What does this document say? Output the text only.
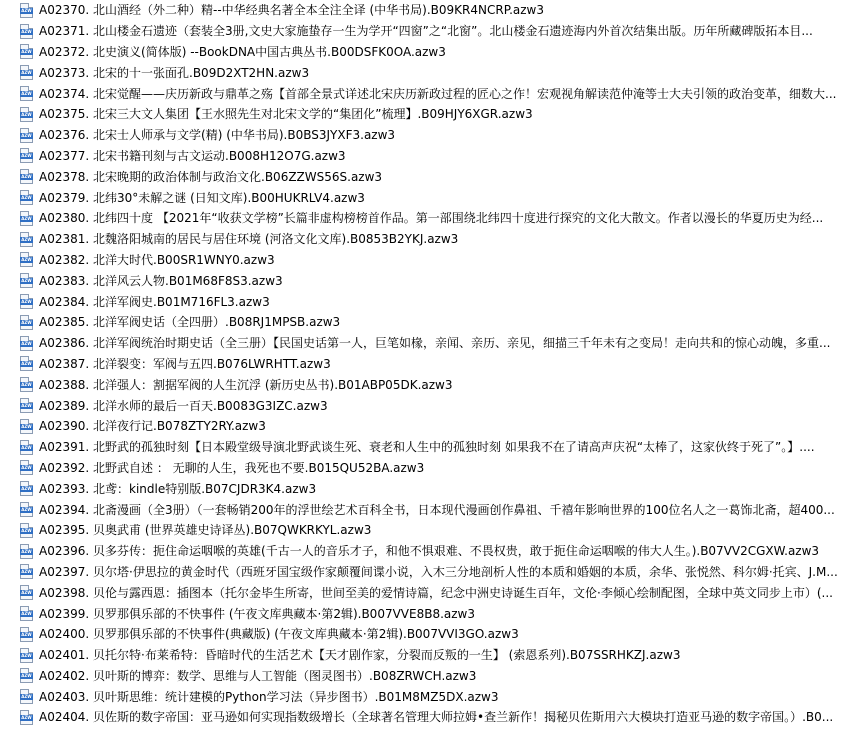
AZW A02370. 北山酒经（外二种）精--中华经典名著全本全注全译 (中华书局).B09KR4NCRP.azw3
AZW A02371. 北山楼金石遗迹（套装全3册,文史大家施蛰存一生为学开“四窗”之“北窗”。北山楼金石遗迹海内外首次结集出版。历年所藏碑版拓本目...
AZW A02372. 北史演义(简体版) --BookDNA中国古典丛书.B00DSFK0OA.azw3
AZW A02373. 北宋的十一张面孔.B09D2XT2HN.azw3
AZW A02374. 北宋觉醒——庆历新政与鼎革之殇【首部全景式详述北宋庆历新政过程的匠心之作！宏观视角解读范仲淹等士大夫引领的政治变革，细数大...
AZW A02375. 北宋三大文人集团【王水照先生对北宋文学的“集团化”梳理】.B09HJY6XGR.azw3
AZW A02376. 北宋士人师承与文学(精) (中华书局).B0BS3JYXF3.azw3
AZW A02377. 北宋书籍刊刻与古文运动.B008H12O7G.azw3
AZW A02378. 北宋晚期的政治体制与政治文化.B06ZZWS56S.azw3
AZW A02379. 北纬30°未解之谜 (日知文库).B00HUKRLV4.azw3
AZW A02380. 北纬四十度 【2021年“收获文学榜”长篇非虚构榜榜首作品。第一部围绕北纬四十度进行探究的文化大散文。作者以漫长的华夏历史为经...
AZW A02381. 北魏洛阳城南的居民与居住环境 (河洛文化文库).B0853B2YKJ.azw3
AZW A02382. 北洋大时代.B00SR1WNY0.azw3
AZW A02383. 北洋风云人物.B01M68F8S3.azw3
AZW A02384. 北洋军阀史.B01M716FL3.azw3
AZW A02385. 北洋军阀史话（全四册）.B08RJ1MPSB.azw3
AZW A02386. 北洋军阀统治时期史话（全三册）【民国史话第一人，巨笔如椽，亲闻、亲历、亲见，细描三千年未有之变局！走向共和的惊心动魄，多重...
AZW A02387. 北洋裂变：军阀与五四.B076LWRHTT.azw3
AZW A02388. 北洋强人：割据军阀的人生沉浮 (新历史丛书).B01ABP05DK.azw3
AZW A02389. 北洋水师的最后一百天.B0083G3IZC.azw3
AZW A02390. 北洋夜行记.B078ZTY2RY.azw3
AZW A02391. 北野武的孤独时刻【日本殿堂级导演北野武谈生死、衰老和人生中的孤独时刻 如果我不在了请高声庆祝“太棒了，这家伙终于死了”。】....
AZW A02392. 北野武自述 ： 无聊的人生，我死也不要.B015QU52BA.azw3
AZW A02393. 北鸢：kindle特别版.B07CJDR3K4.azw3
AZW A02394. 北斋漫画（全3册）（一套畅销200年的浮世绘艺术百科全书，日本现代漫画创作鼻祖、千禧年影响世界的100位名人之一葛饰北斋，超400...
AZW A02395. 贝奥武甫 (世界英雄史诗译丛).B07QWKRKYL.azw3
AZW A02396. 贝多芬传：扼住命运咽喉的英雄(千古一人的音乐才子，和他不惧艰难、不畏权贵，敢于扼住命运咽喉的伟大人生。).B07VV2CGXW.azw3
AZW A02397. 贝尔塔·伊思拉的黄金时代（西班牙国宝级作家颠覆间谍小说，入木三分地剖析人性的本质和婚姻的本质，余华、张悦然、科尔姆·托宾、J.M...
AZW A02398. 贝伦与露西恩：插图本（托尔金毕生所寄，世间至美的爱情诗篇，纪念中洲史诗诞生百年，文伦·李倾心绘制配图，全球中英文同步上市）(...
AZW A02399. 贝罗那俱乐部的不快事件 (午夜文库典藏本·第2辑).B007VVE8B8.azw3
AZW A02400. 贝罗那俱乐部的不快事件(典藏版) (午夜文库典藏本·第2辑).B007VVI3GO.azw3
AZW A02401. 贝托尔特·布莱希特：昏暗时代的生活艺术【天才剧作家，分裂而反叛的一生】 (索恩系列).B07SSRHKZJ.azw3
AZW A02402. 贝叶斯的博弈：数学、思维与人工智能（图灵图书）.B08ZRWCH.azw3
AZW A02403. 贝叶斯思维：统计建模的Python学习法（异步图书）.B01M8MZ5DX.azw3
AZW A02404. 贝佐斯的数字帝国：亚马逊如何实现指数级增长（全球著名管理大师拉姆•查兰新作！揭秘贝佐斯用六大模块打造亚马逊的数字帝国。）.B0...
